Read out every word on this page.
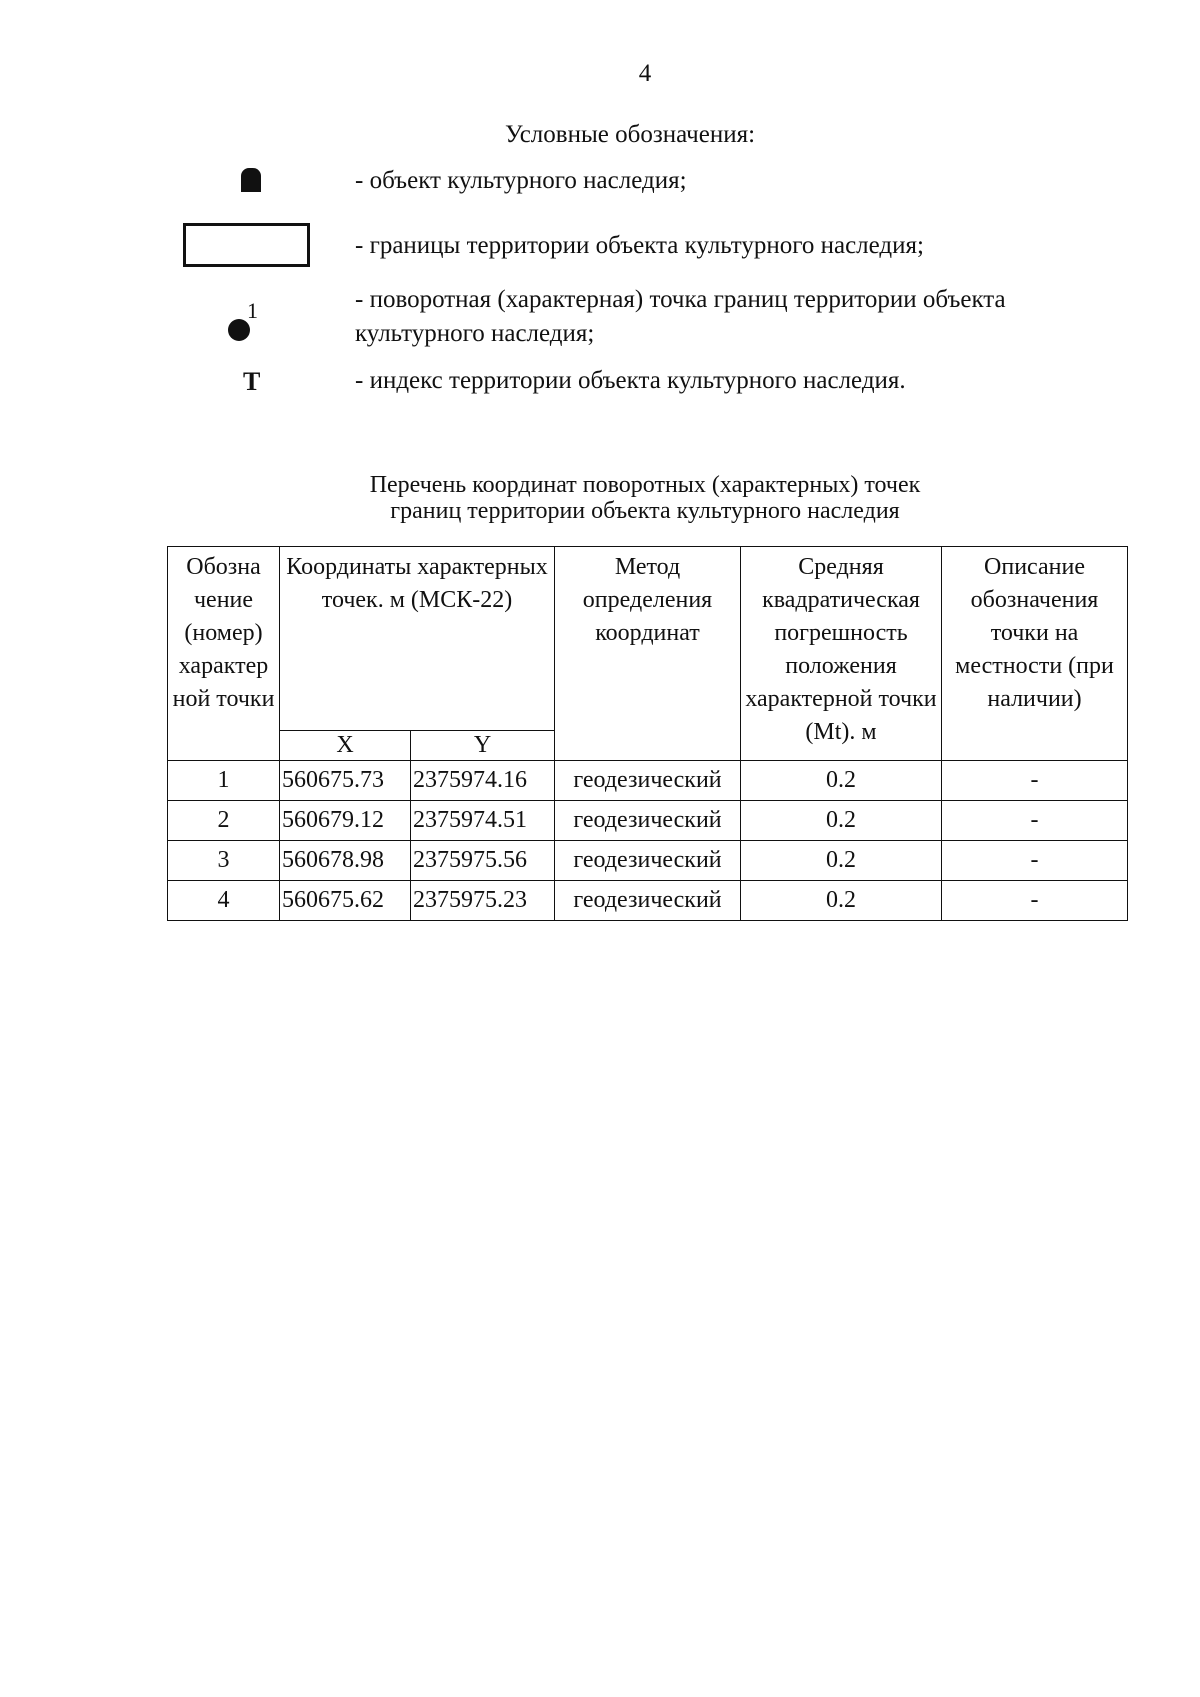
4
Условные обозначения:
- объект культурного наследия;
- границы территории объекта культурного наследия;
1	- поворотная (характерная) точка границ территории объекта культурного наследия;
Т	- индекс территории объекта культурного наследия.
Перечень координат поворотных (характерных) точек
границ территории объекта культурного наследия
Обозна чение (номер) характер ной точки	Координаты характерных точек. м (МСК-22)		Метод определения координат	Средняя квадратическая погрешность положения характерной точки (Mt). м	Описание обозначения точки на местности (при наличии)
	X	Y			
1	560675.73	2375974.16	геодезический	0.2	-
2	560679.12	2375974.51	геодезический	0.2	-
3	560678.98	2375975.56	геодезический	0.2	-
4	560675.62	2375975.23	геодезический	0.2	-
